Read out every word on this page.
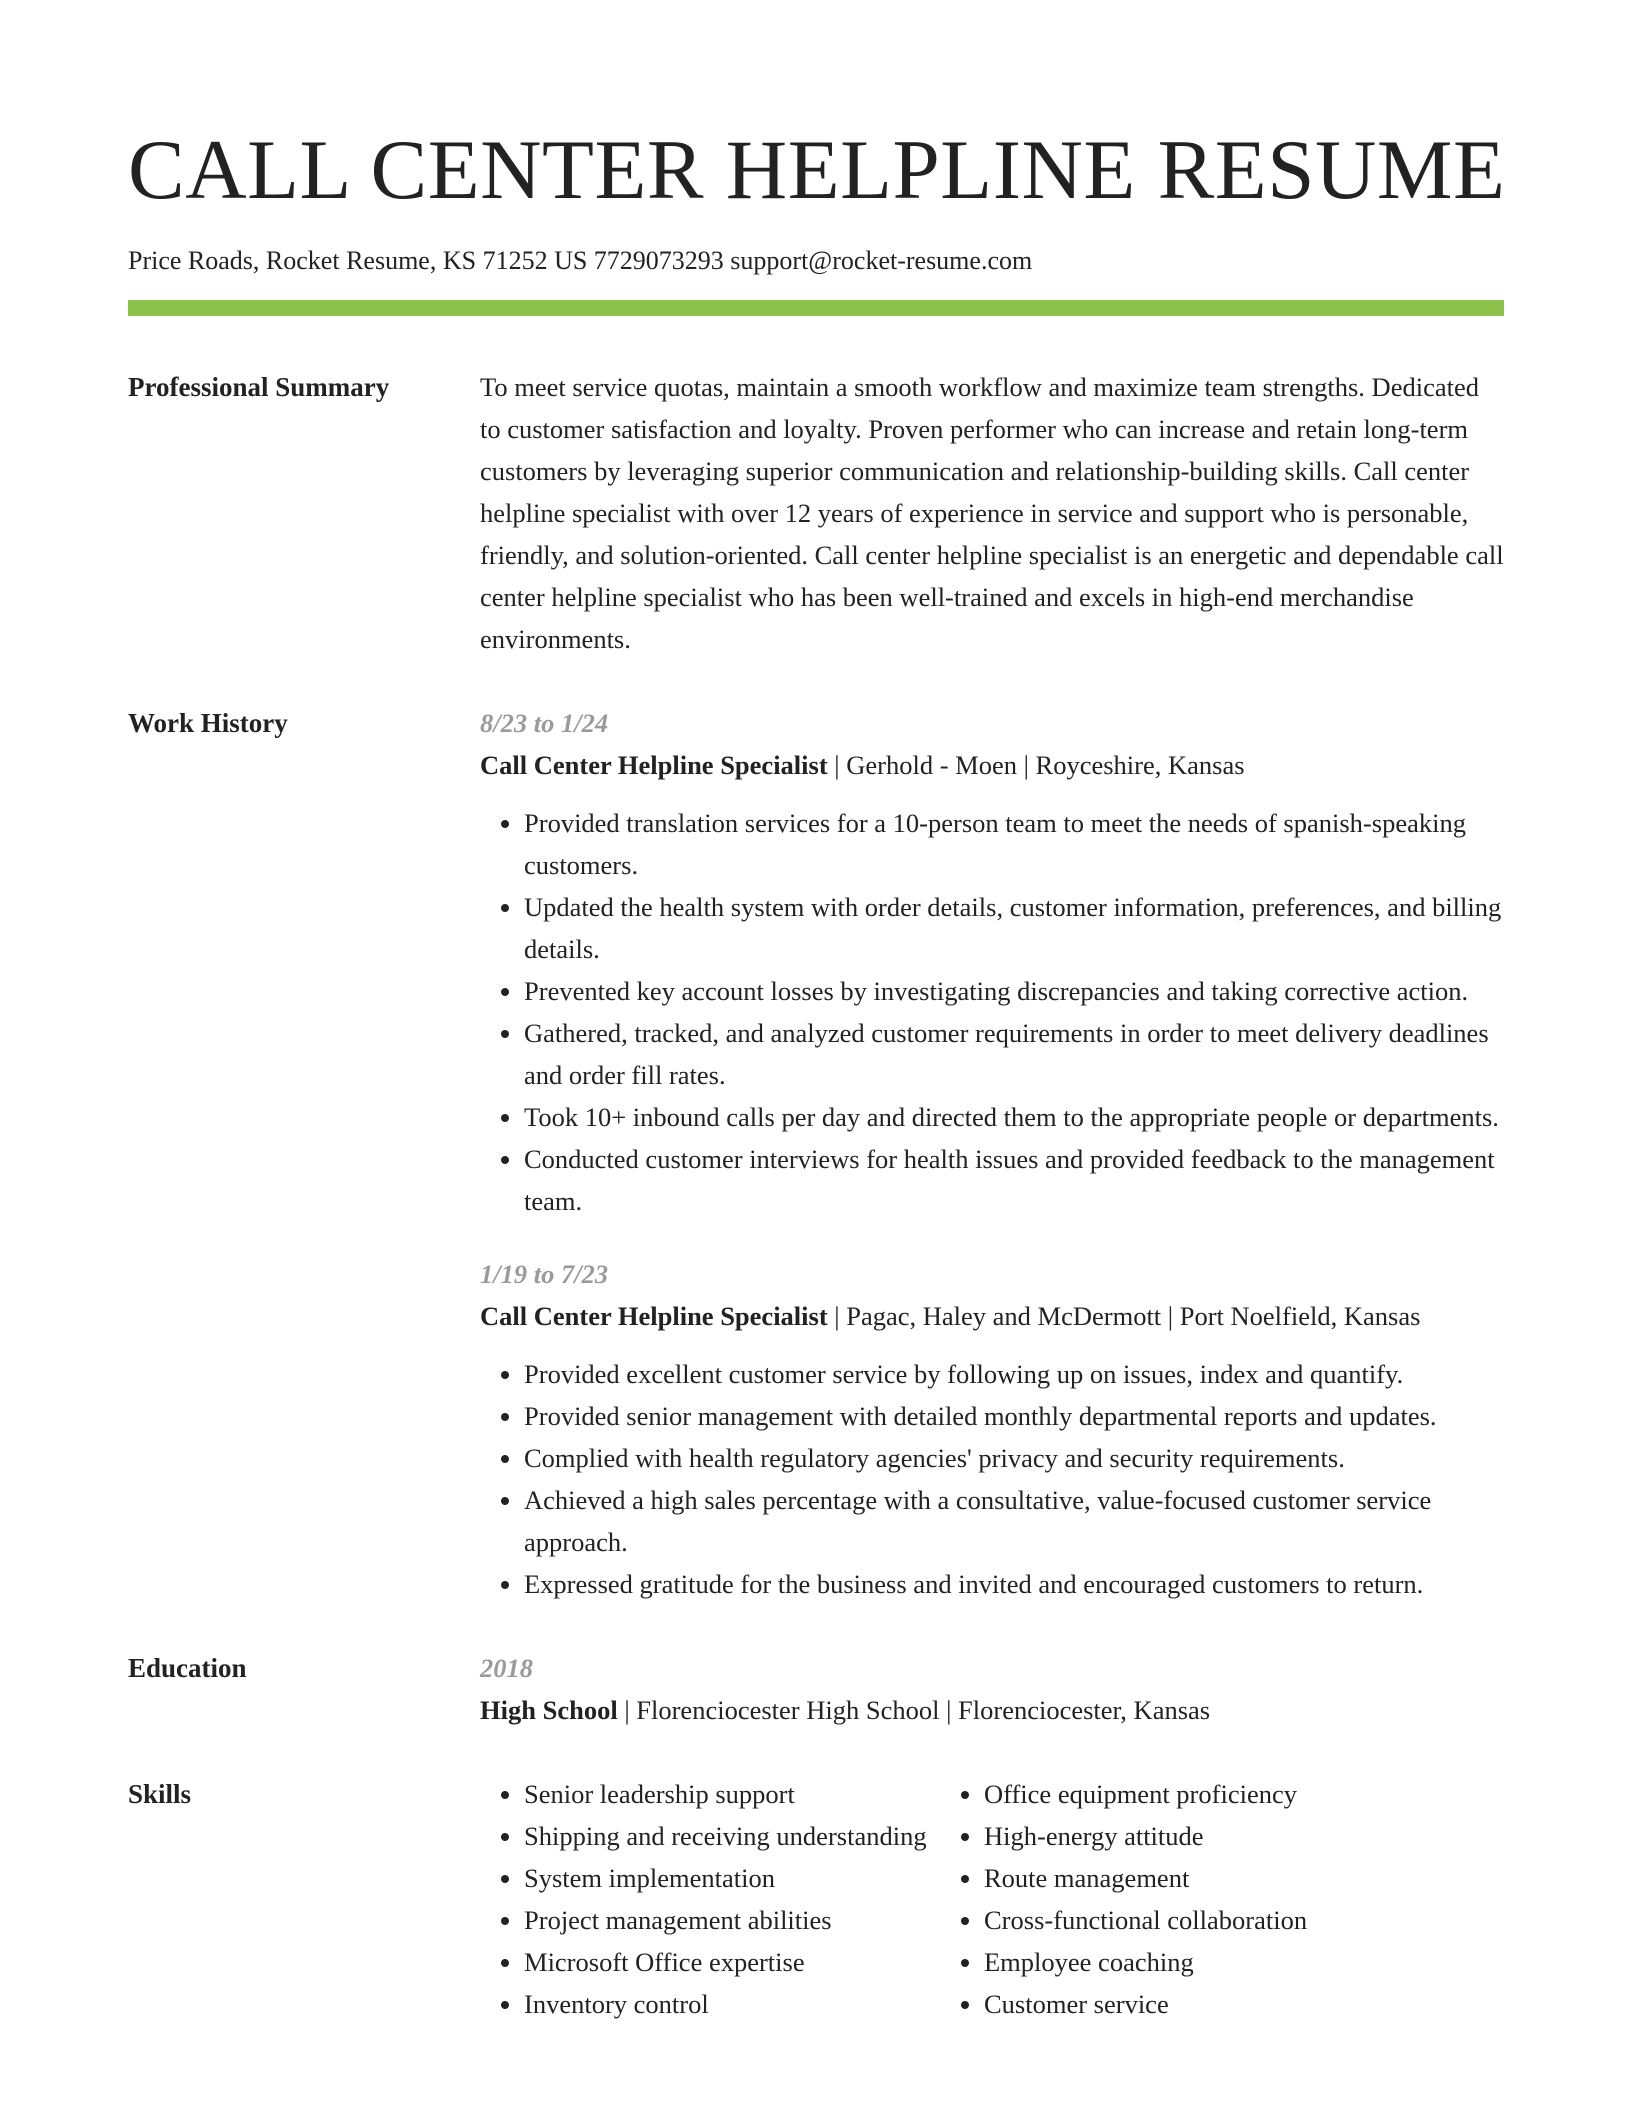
CALL CENTER HELPLINE RESUME
Price Roads, Rocket Resume, KS 71252 US 7729073293 support@rocket-resume.com
Professional Summary	To meet service quotas, maintain a smooth workflow and maximize team strengths. Dedicated to customer satisfaction and loyalty. Proven performer who can increase and retain long-term customers by leveraging superior communication and relationship-building skills. Call center helpline specialist with over 12 years of experience in service and support who is personable, friendly, and solution-oriented. Call center helpline specialist is an energetic and dependable call center helpline specialist who has been well-trained and excels in high-end merchandise environments.

Work History	8/23 to 1/24
Call Center Helpline Specialist | Gerhold - Moen | Royceshire, Kansas
• Provided translation services for a 10-person team to meet the needs of spanish-speaking customers.
• Updated the health system with order details, customer information, preferences, and billing details.
• Prevented key account losses by investigating discrepancies and taking corrective action.
• Gathered, tracked, and analyzed customer requirements in order to meet delivery deadlines and order fill rates.
• Took 10+ inbound calls per day and directed them to the appropriate people or departments.
• Conducted customer interviews for health issues and provided feedback to the management team.
1/19 to 7/23
Call Center Helpline Specialist | Pagac, Haley and McDermott | Port Noelfield, Kansas
• Provided excellent customer service by following up on issues, index and quantify.
• Provided senior management with detailed monthly departmental reports and updates.
• Complied with health regulatory agencies' privacy and security requirements.
• Achieved a high sales percentage with a consultative, value-focused customer service approach.
• Expressed gratitude for the business and invited and encouraged customers to return.
Education	2018
High School | Florenciocester High School | Florenciocester, Kansas
Skills
•	Senior leadership support
• Shipping and receiving understanding
• System implementation
• Project management abilities
• Microsoft Office expertise
• Inventory control
• Office equipment proficiency
• High-energy attitude
• Route management
• Cross-functional collaboration
• Employee coaching
• Customer service
